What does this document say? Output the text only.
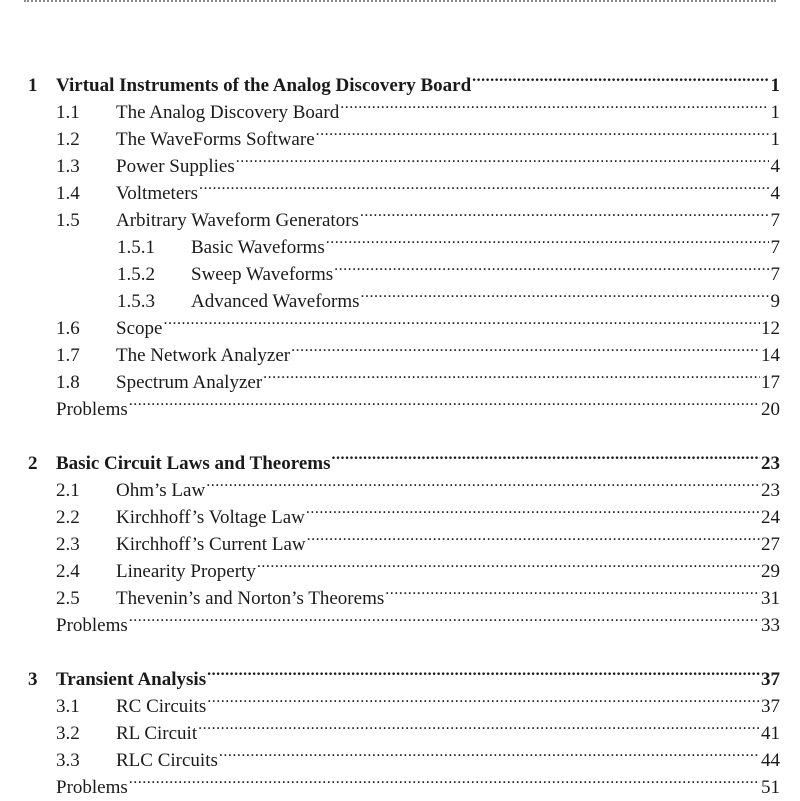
1 Virtual Instruments of the Analog Discovery Board .....	1
1.1	The Analog Discovery Board .....	1
1.2	The WaveForms Software .....	1
1.3	Power Supplies .....	4
1.4	Voltmeters .....	4
1.5	Arbitrary Waveform Generators .....	7
1.5.1	Basic Waveforms .....	7
1.5.2	Sweep Waveforms .....	7
1.5.3	Advanced Waveforms .....	9
1.6	Scope .....	12
1.7	The Network Analyzer .....	14
1.8	Spectrum Analyzer .....	17
Problems .....	20
2 Basic Circuit Laws and Theorems .....	23
2.1	Ohm’s Law .....	23
2.2	Kirchhoff’s Voltage Law .....	24
2.3	Kirchhoff’s Current Law .....	27
2.4	Linearity Property .....	29
2.5	Thevenin’s and Norton’s Theorems .....	31
Problems .....	33
3 Transient Analysis .....	37
3.1	RC Circuits .....	37
3.2	RL Circuit .....	41
3.3	RLC Circuits .....	44
Problems .....	51
